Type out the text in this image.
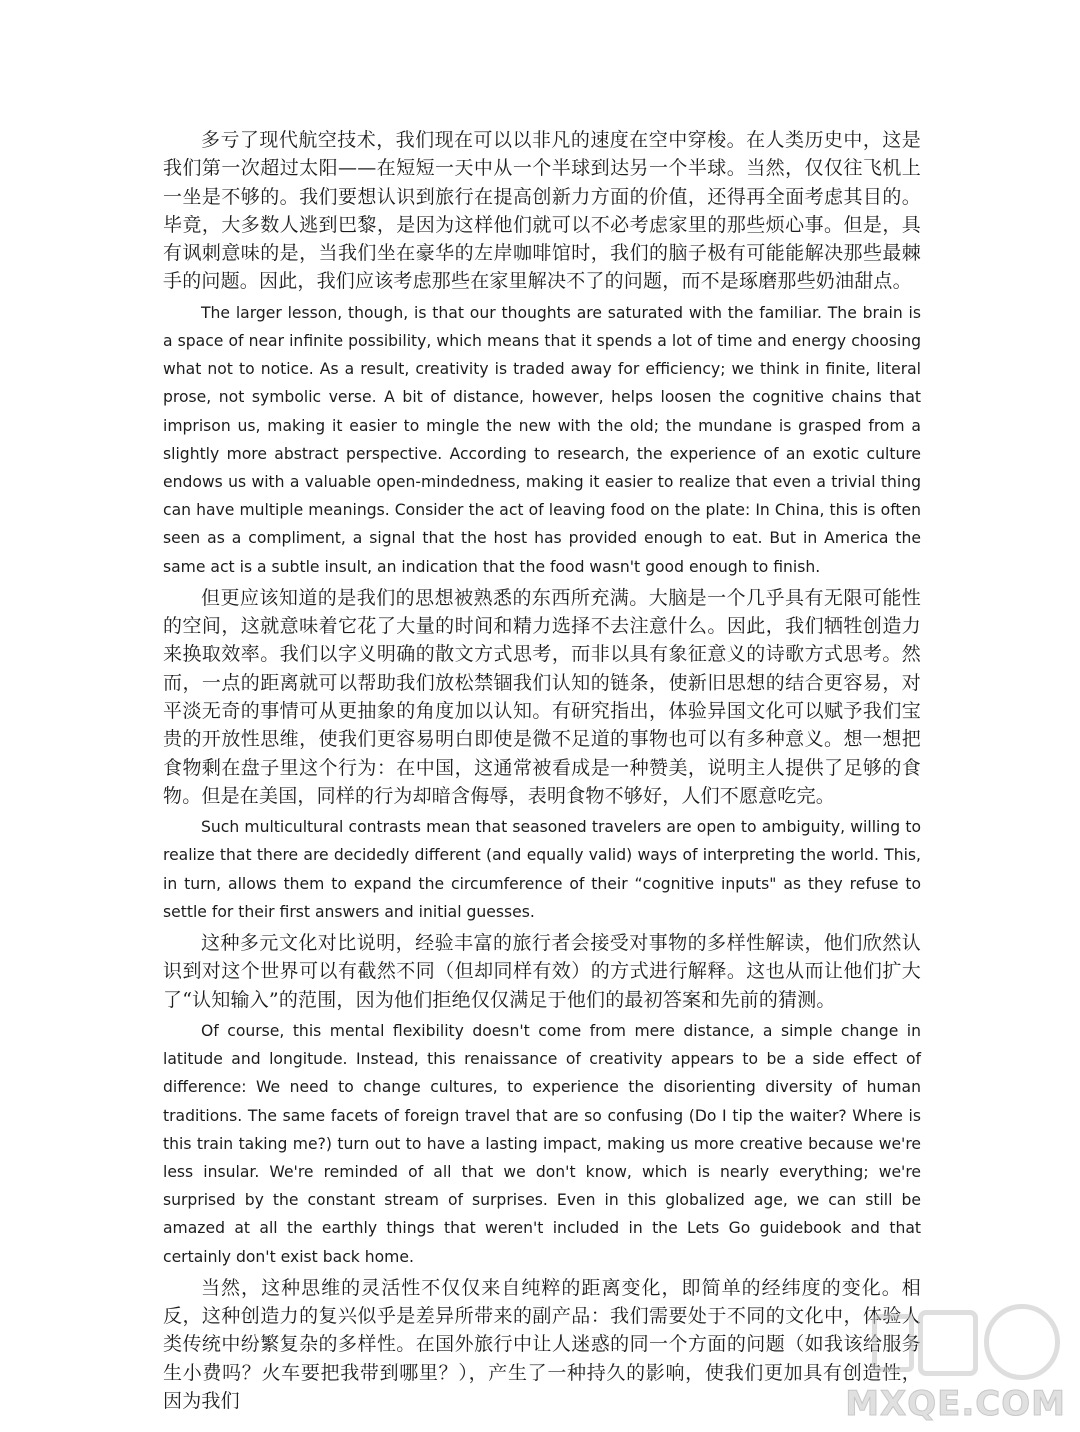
多亏了现代航空技术，我们现在可以以非凡的速度在空中穿梭。在人类历史中，这是我们第一次超过太阳——在短短一天中从一个半球到达另一个半球。当然，仅仅往飞机上一坐是不够的。我们要想认识到旅行在提高创新力方面的价值，还得再全面考虑其目的。毕竟，大多数人逃到巴黎，是因为这样他们就可以不必考虑家里的那些烦心事。但是，具有讽刺意味的是，当我们坐在豪华的左岸咖啡馆时，我们的脑子极有可能能解决那些最棘手的问题。因此，我们应该考虑那些在家里解决不了的问题，而不是琢磨那些奶油甜点。

The larger lesson, though, is that our thoughts are saturated with the familiar. The brain is a space of near infinite possibility, which means that it spends a lot of time and energy choosing what not to notice. As a result, creativity is traded away for efficiency; we think in finite, literal prose, not symbolic verse. A bit of distance, however, helps loosen the cognitive chains that imprison us, making it easier to mingle the new with the old; the mundane is grasped from a slightly more abstract perspective. According to research, the experience of an exotic culture endows us with a valuable open-mindedness, making it easier to realize that even a trivial thing can have multiple meanings. Consider the act of leaving food on the plate: In China, this is often seen as a compliment, a signal that the host has provided enough to eat. But in America the same act is a subtle insult, an indication that the food wasn't good enough to finish.

但更应该知道的是我们的思想被熟悉的东西所充满。大脑是一个几乎具有无限可能性的空间，这就意味着它花了大量的时间和精力选择不去注意什么。因此，我们牺牲创造力来换取效率。我们以字义明确的散文方式思考，而非以具有象征意义的诗歌方式思考。然而，一点的距离就可以帮助我们放松禁锢我们认知的链条，使新旧思想的结合更容易，对平淡无奇的事情可从更抽象的角度加以认知。有研究指出，体验异国文化可以赋予我们宝贵的开放性思维，使我们更容易明白即使是微不足道的事物也可以有多种意义。想一想把食物剩在盘子里这个行为：在中国，这通常被看成是一种赞美，说明主人提供了足够的食物。但是在美国，同样的行为却暗含侮辱，表明食物不够好，人们不愿意吃完。

Such multicultural contrasts mean that seasoned travelers are open to ambiguity, willing to realize that there are decidedly different (and equally valid) ways of interpreting the world. This, in turn, allows them to expand the circumference of their “cognitive inputs" as they refuse to settle for their first answers and initial guesses.

这种多元文化对比说明，经验丰富的旅行者会接受对事物的多样性解读，他们欣然认识到对这个世界可以有截然不同（但却同样有效）的方式进行解释。这也从而让他们扩大了“认知输入”的范围，因为他们拒绝仅仅满足于他们的最初答案和先前的猜测。

Of course, this mental flexibility doesn't come from mere distance, a simple change in latitude and longitude. Instead, this renaissance of creativity appears to be a side effect of difference: We need to change cultures, to experience the disorienting diversity of human traditions. The same facets of foreign travel that are so confusing (Do I tip the waiter? Where is this train taking me?) turn out to have a lasting impact, making us more creative because we're less insular. We're reminded of all that we don't know, which is nearly everything; we're surprised by the constant stream of surprises. Even in this globalized age, we can still be amazed at all the earthly things that weren't included in the Lets Go guidebook and that certainly don't exist back home.

当然，这种思维的灵活性不仅仅来自纯粹的距离变化，即简单的经纬度的变化。相反，这种创造力的复兴似乎是差异所带来的副产品：我们需要处于不同的文化中，体验人类传统中纷繁复杂的多样性。在国外旅行中让人迷惑的同一个方面的问题（如我该给服务生小费吗？火车要把我带到哪里？），产生了一种持久的影响，使我们更加具有创造性，因为我们	MXQE.COM
